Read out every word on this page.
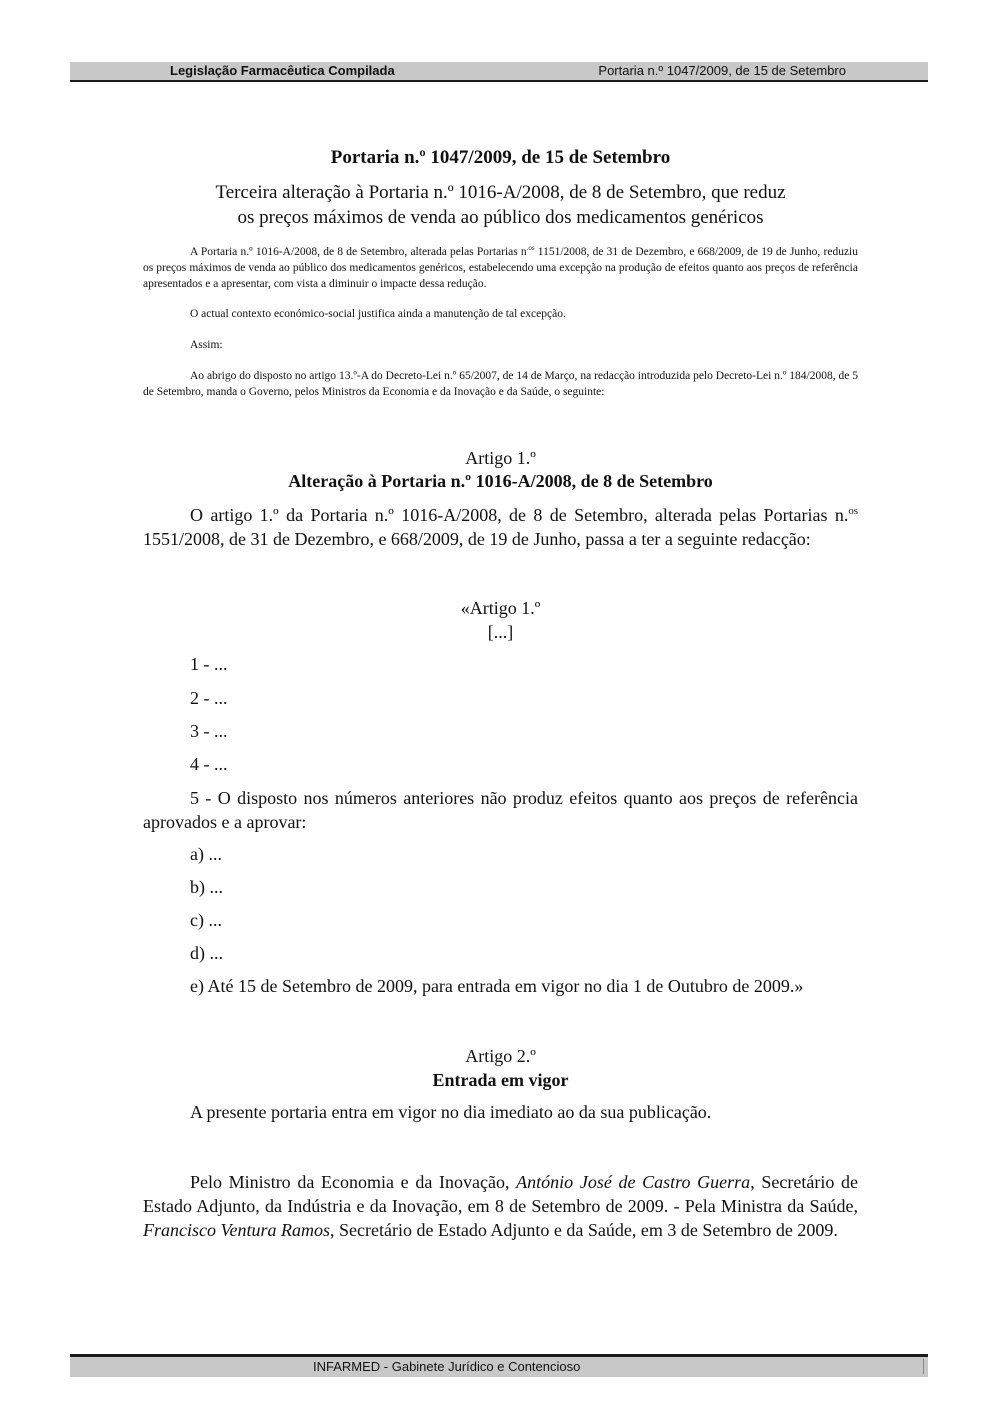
Legislação Farmacêutica Compilada	Portaria n.º 1047/2009, de 15 de Setembro

Portaria n.º 1047/2009, de 15 de Setembro

Terceira alteração à Portaria n.º 1016-A/2008, de 8 de Setembro, que reduz

os preços máximos de venda ao público dos medicamentos genéricos

A Portaria n.º 1016-A/2008, de 8 de Setembro, alterada pelas Portarias $n^{.os}$ 1151/2008, de 31 de Dezembro, e 668/2009, de 19 de Junho, reduziu os preços máximos de venda ao público dos medicamentos genéricos, estabelecendo uma excepção na produção de efeitos quanto aos preços de referência apresentados e a apresentar, com vista a diminuir o impacte dessa redução.

O actual contexto económico-social justifica ainda a manutenção de tal excepção.

Assim:

Ao abrigo do disposto no artigo 13.º-A do Decreto-Lei n.º 65/2007, de 14 de Março, na redacção introduzida pelo Decreto-Lei n.º 184/2008, de 5 de Setembro, manda o Governo, pelos Ministros da Economia e da Inovação e da Saúde, o seguinte:

Artigo 1.º

Alteração à Portaria n.º 1016-A/2008, de 8 de Setembro

O artigo 1.º da Portaria n.º 1016-A/2008, de 8 de Setembro, alterada pelas Portarias n.$^{os}$ 1551/2008, de 31 de Dezembro, e 668/2009, de 19 de Junho, passa a ter a seguinte redacção:

«Artigo 1.º

[...]

1 - ...

2 - ...

3 - ...

4 - ...

5 - O disposto nos números anteriores não produz efeitos quanto aos preços de referência aprovados e a aprovar:

a) ...

b) ...

c) ...

d) ...

e) Até 15 de Setembro de 2009, para entrada em vigor no dia 1 de Outubro de 2009.»

Artigo 2.º

Entrada em vigor

A presente portaria entra em vigor no dia imediato ao da sua publicação.

Pelo Ministro da Economia e da Inovação, António José de Castro Guerra, Secretário de Estado Adjunto, da Indústria e da Inovação, em 8 de Setembro de 2009. - Pela Ministra da Saúde, Francisco Ventura Ramos, Secretário de Estado Adjunto e da Saúde, em 3 de Setembro de 2009.

INFARMED - Gabinete Jurídico e Contencioso
